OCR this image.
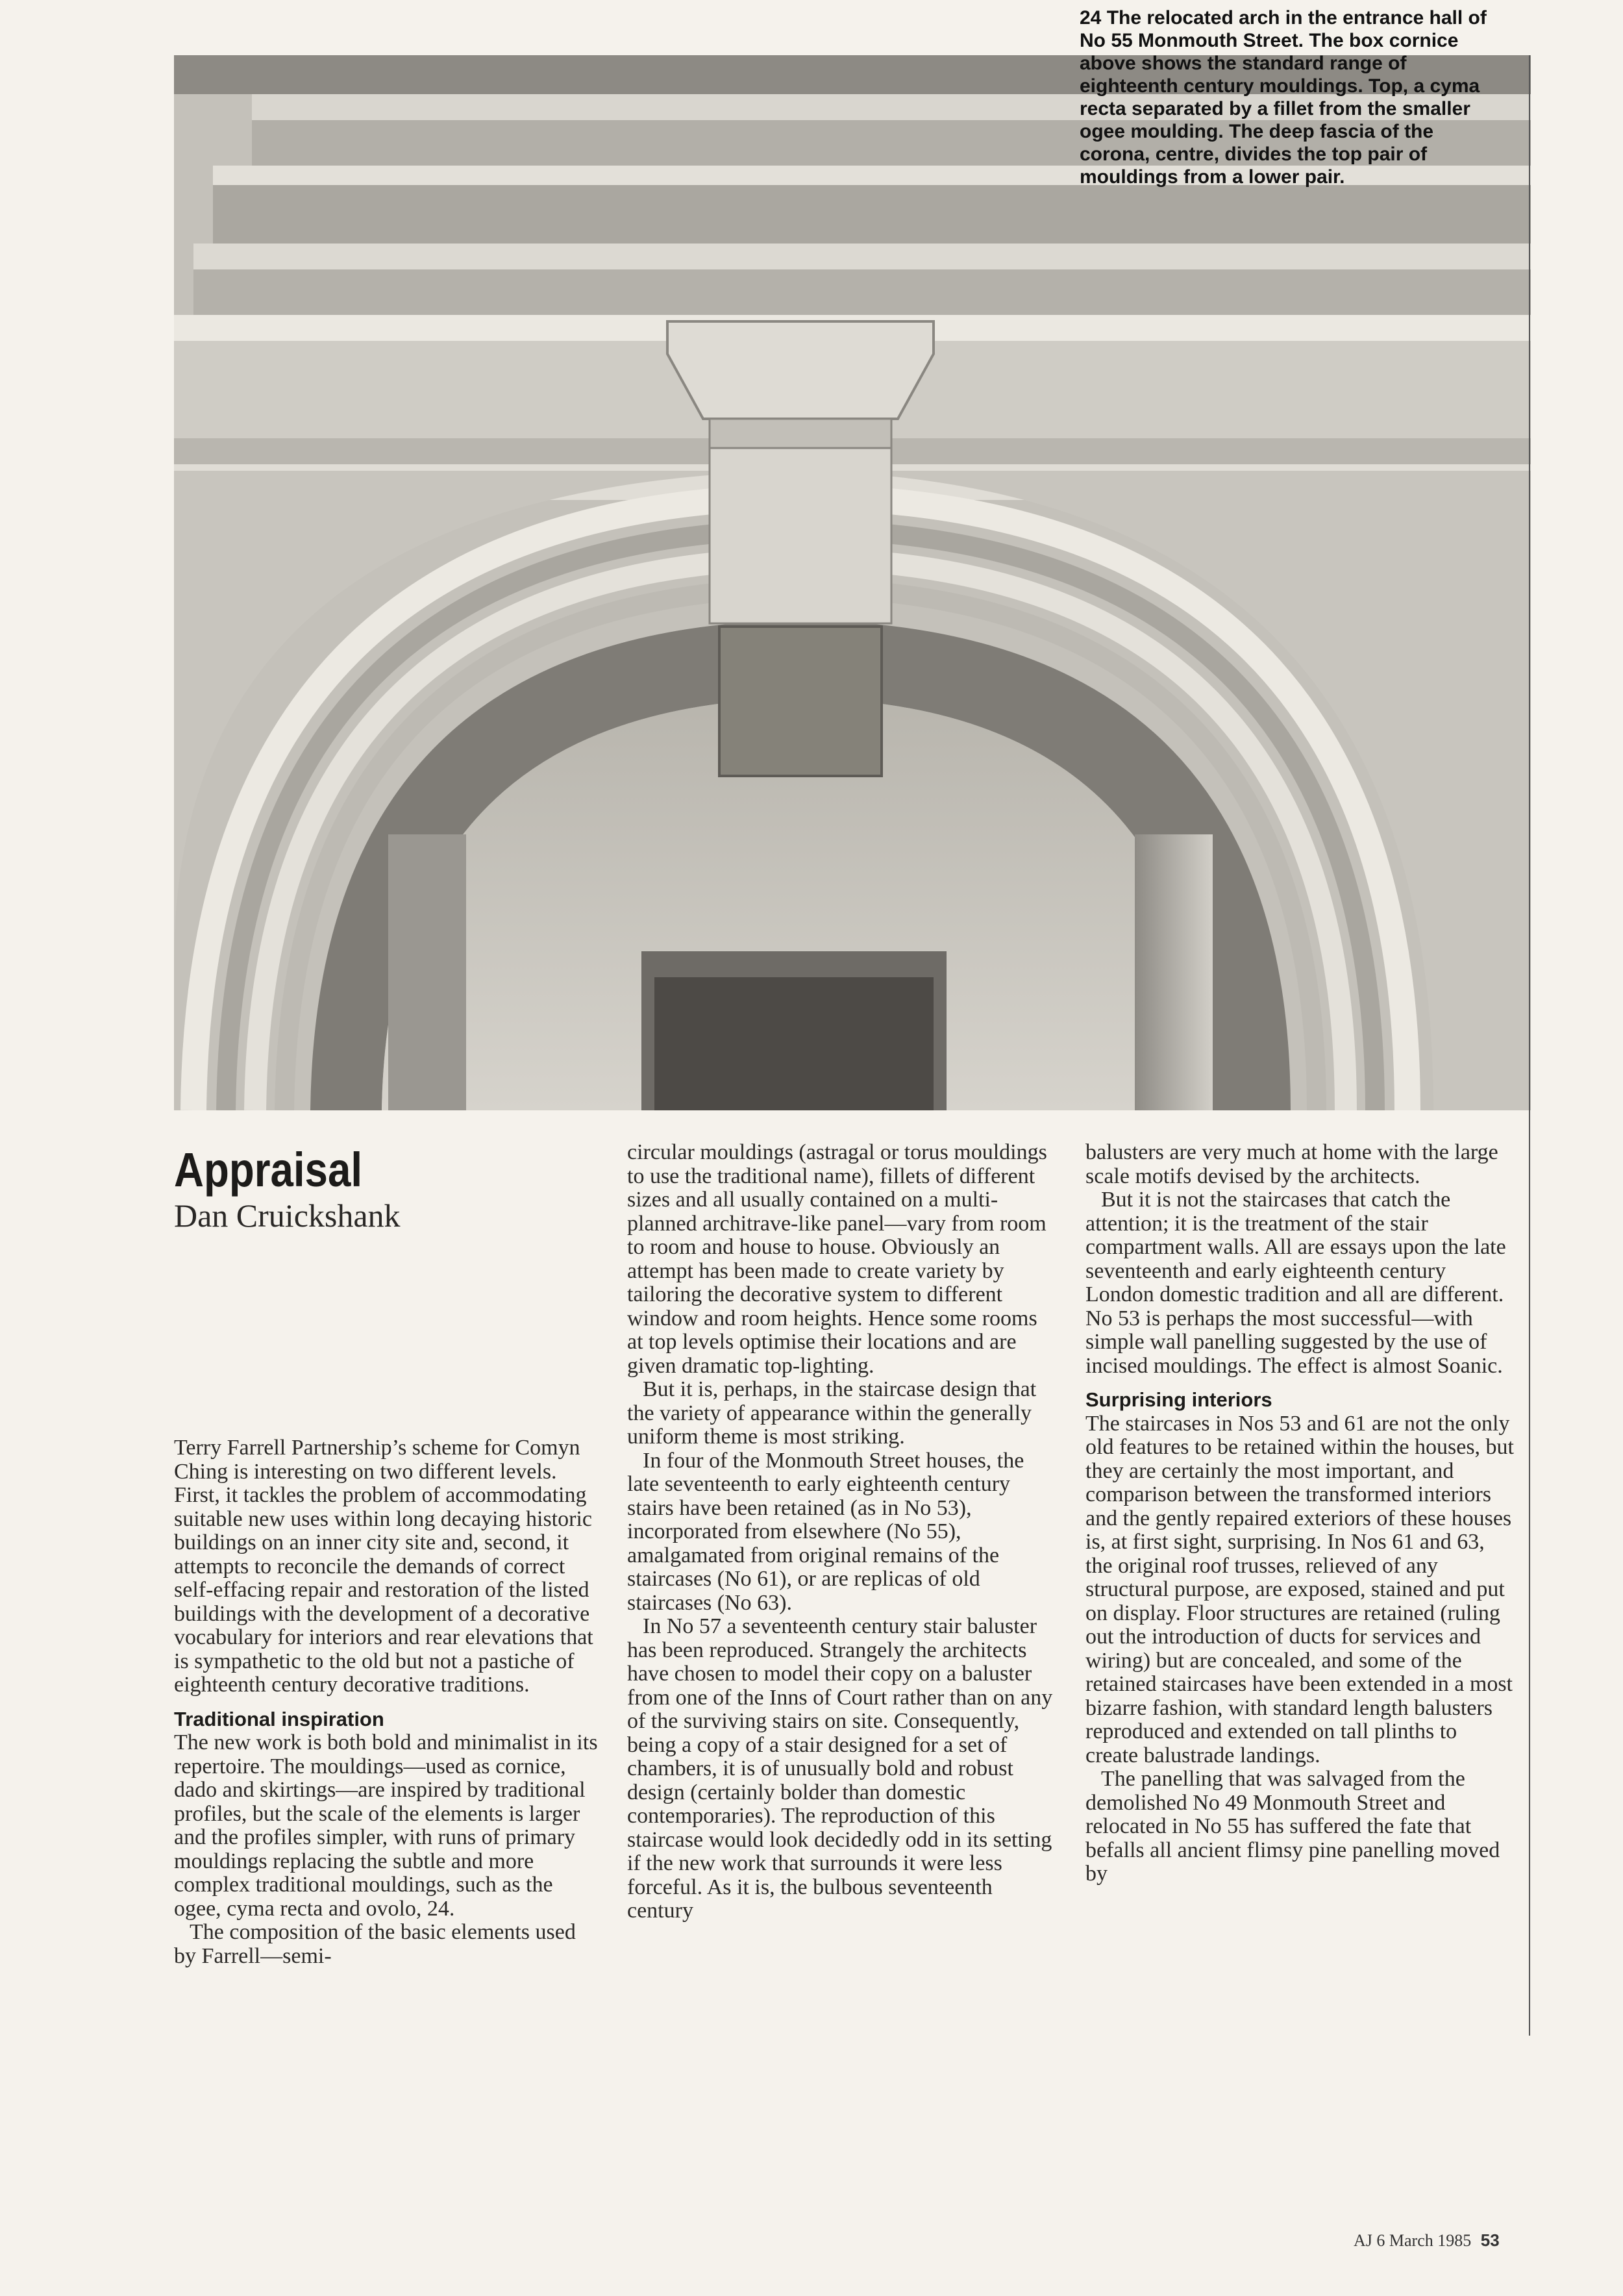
24 The relocated arch in the entrance hall of No 55 Monmouth Street. The box cornice above shows the standard range of eighteenth century mouldings. Top, a cyma recta separated by a fillet from the smaller ogee moulding. The deep fascia of the corona, centre, divides the top pair of mouldings from a lower pair.
Appraisal
Dan Cruickshank

Terry Farrell Partnership’s scheme for Comyn Ching is interesting on two different levels. First, it tackles the problem of accommodating suitable new uses within long decaying historic buildings on an inner city site and, second, it attempts to reconcile the demands of correct self-effacing repair and restoration of the listed buildings with the development of a decorative vocabulary for interiors and rear elevations that is sympathetic to the old but not a pastiche of eighteenth century decorative traditions.

Traditional inspiration

The new work is both bold and minimalist in its repertoire. The mouldings—used as cornice, dado and skirtings—are inspired by traditional profiles, but the scale of the elements is larger and the profiles simpler, with runs of primary mouldings replacing the subtle and more complex traditional mouldings, such as the ogee, cyma recta and ovolo, 24.

The composition of the basic elements used by Farrell—semi-

circular mouldings (astragal or torus mouldings to use the traditional name), fillets of different sizes and all usually contained on a multi-planned architrave-like panel—vary from room to room and house to house. Obviously an attempt has been made to create variety by tailoring the decorative system to different window and room heights. Hence some rooms at top levels optimise their locations and are given dramatic top-lighting.

But it is, perhaps, in the staircase design that the variety of appearance within the generally uniform theme is most striking.

In four of the Monmouth Street houses, the late seventeenth to early eighteenth century stairs have been retained (as in No 53), incorporated from elsewhere (No 55), amalgamated from original remains of the staircases (No 61), or are replicas of old staircases (No 63).

In No 57 a seventeenth century stair baluster has been reproduced. Strangely the architects have chosen to model their copy on a baluster from one of the Inns of Court rather than on any of the surviving stairs on site. Consequently, being a copy of a stair designed for a set of chambers, it is of unusually bold and robust design (certainly bolder than domestic contemporaries). The reproduction of this staircase would look decidedly odd in its setting if the new work that surrounds it were less forceful. As it is, the bulbous seventeenth century

balusters are very much at home with the large scale motifs devised by the architects.

But it is not the staircases that catch the attention; it is the treatment of the stair compartment walls. All are essays upon the late seventeenth and early eighteenth century London domestic tradition and all are different. No 53 is perhaps the most successful—with simple wall panelling suggested by the use of incised mouldings. The effect is almost Soanic.

Surprising interiors

The staircases in Nos 53 and 61 are not the only old features to be retained within the houses, but they are certainly the most important, and comparison between the transformed interiors and the gently repaired exteriors of these houses is, at first sight, surprising. In Nos 61 and 63, the original roof trusses, relieved of any structural purpose, are exposed, stained and put on display. Floor structures are retained (ruling out the introduction of ducts for services and wiring) but are concealed, and some of the retained staircases have been extended in a most bizarre fashion, with standard length balusters reproduced and extended on tall plinths to create balustrade landings.

The panelling that was salvaged from the demolished No 49 Monmouth Street and relocated in No 55 has suffered the fate that befalls all ancient flimsy pine panelling moved by

AJ 6 March 1985 53
